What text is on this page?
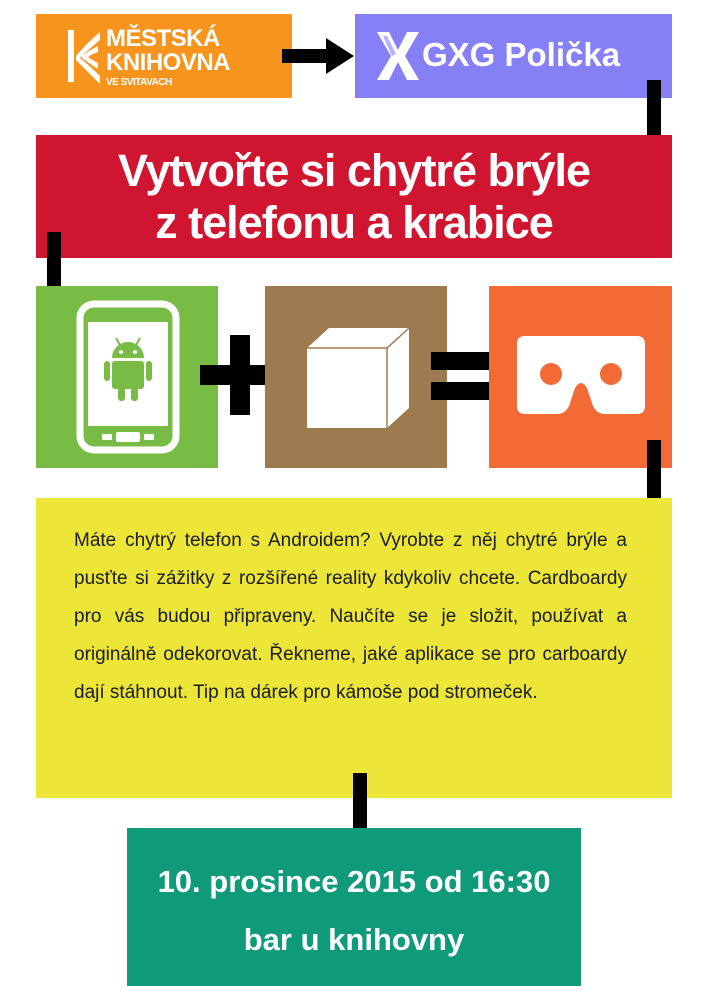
MĚSTSKÁ
KNIHOVNA
VE SVITAVACH
GXG Polička
Vytvořte si chytré brýle
z telefonu a krabice
Máte chytrý telefon s Androidem? Vyrobte z něj chytré brýle a pusťte si zážitky z rozšířené reality kdykoliv chcete. Cardboardy pro vás budou připraveny. Naučíte se je složit, používat a originálně odekorovat. Řekneme, jaké aplikace se pro carboardy dají stáhnout. Tip na dárek pro kámoše pod stromeček.
10. prosince 2015 od 16:30
bar u knihovny
